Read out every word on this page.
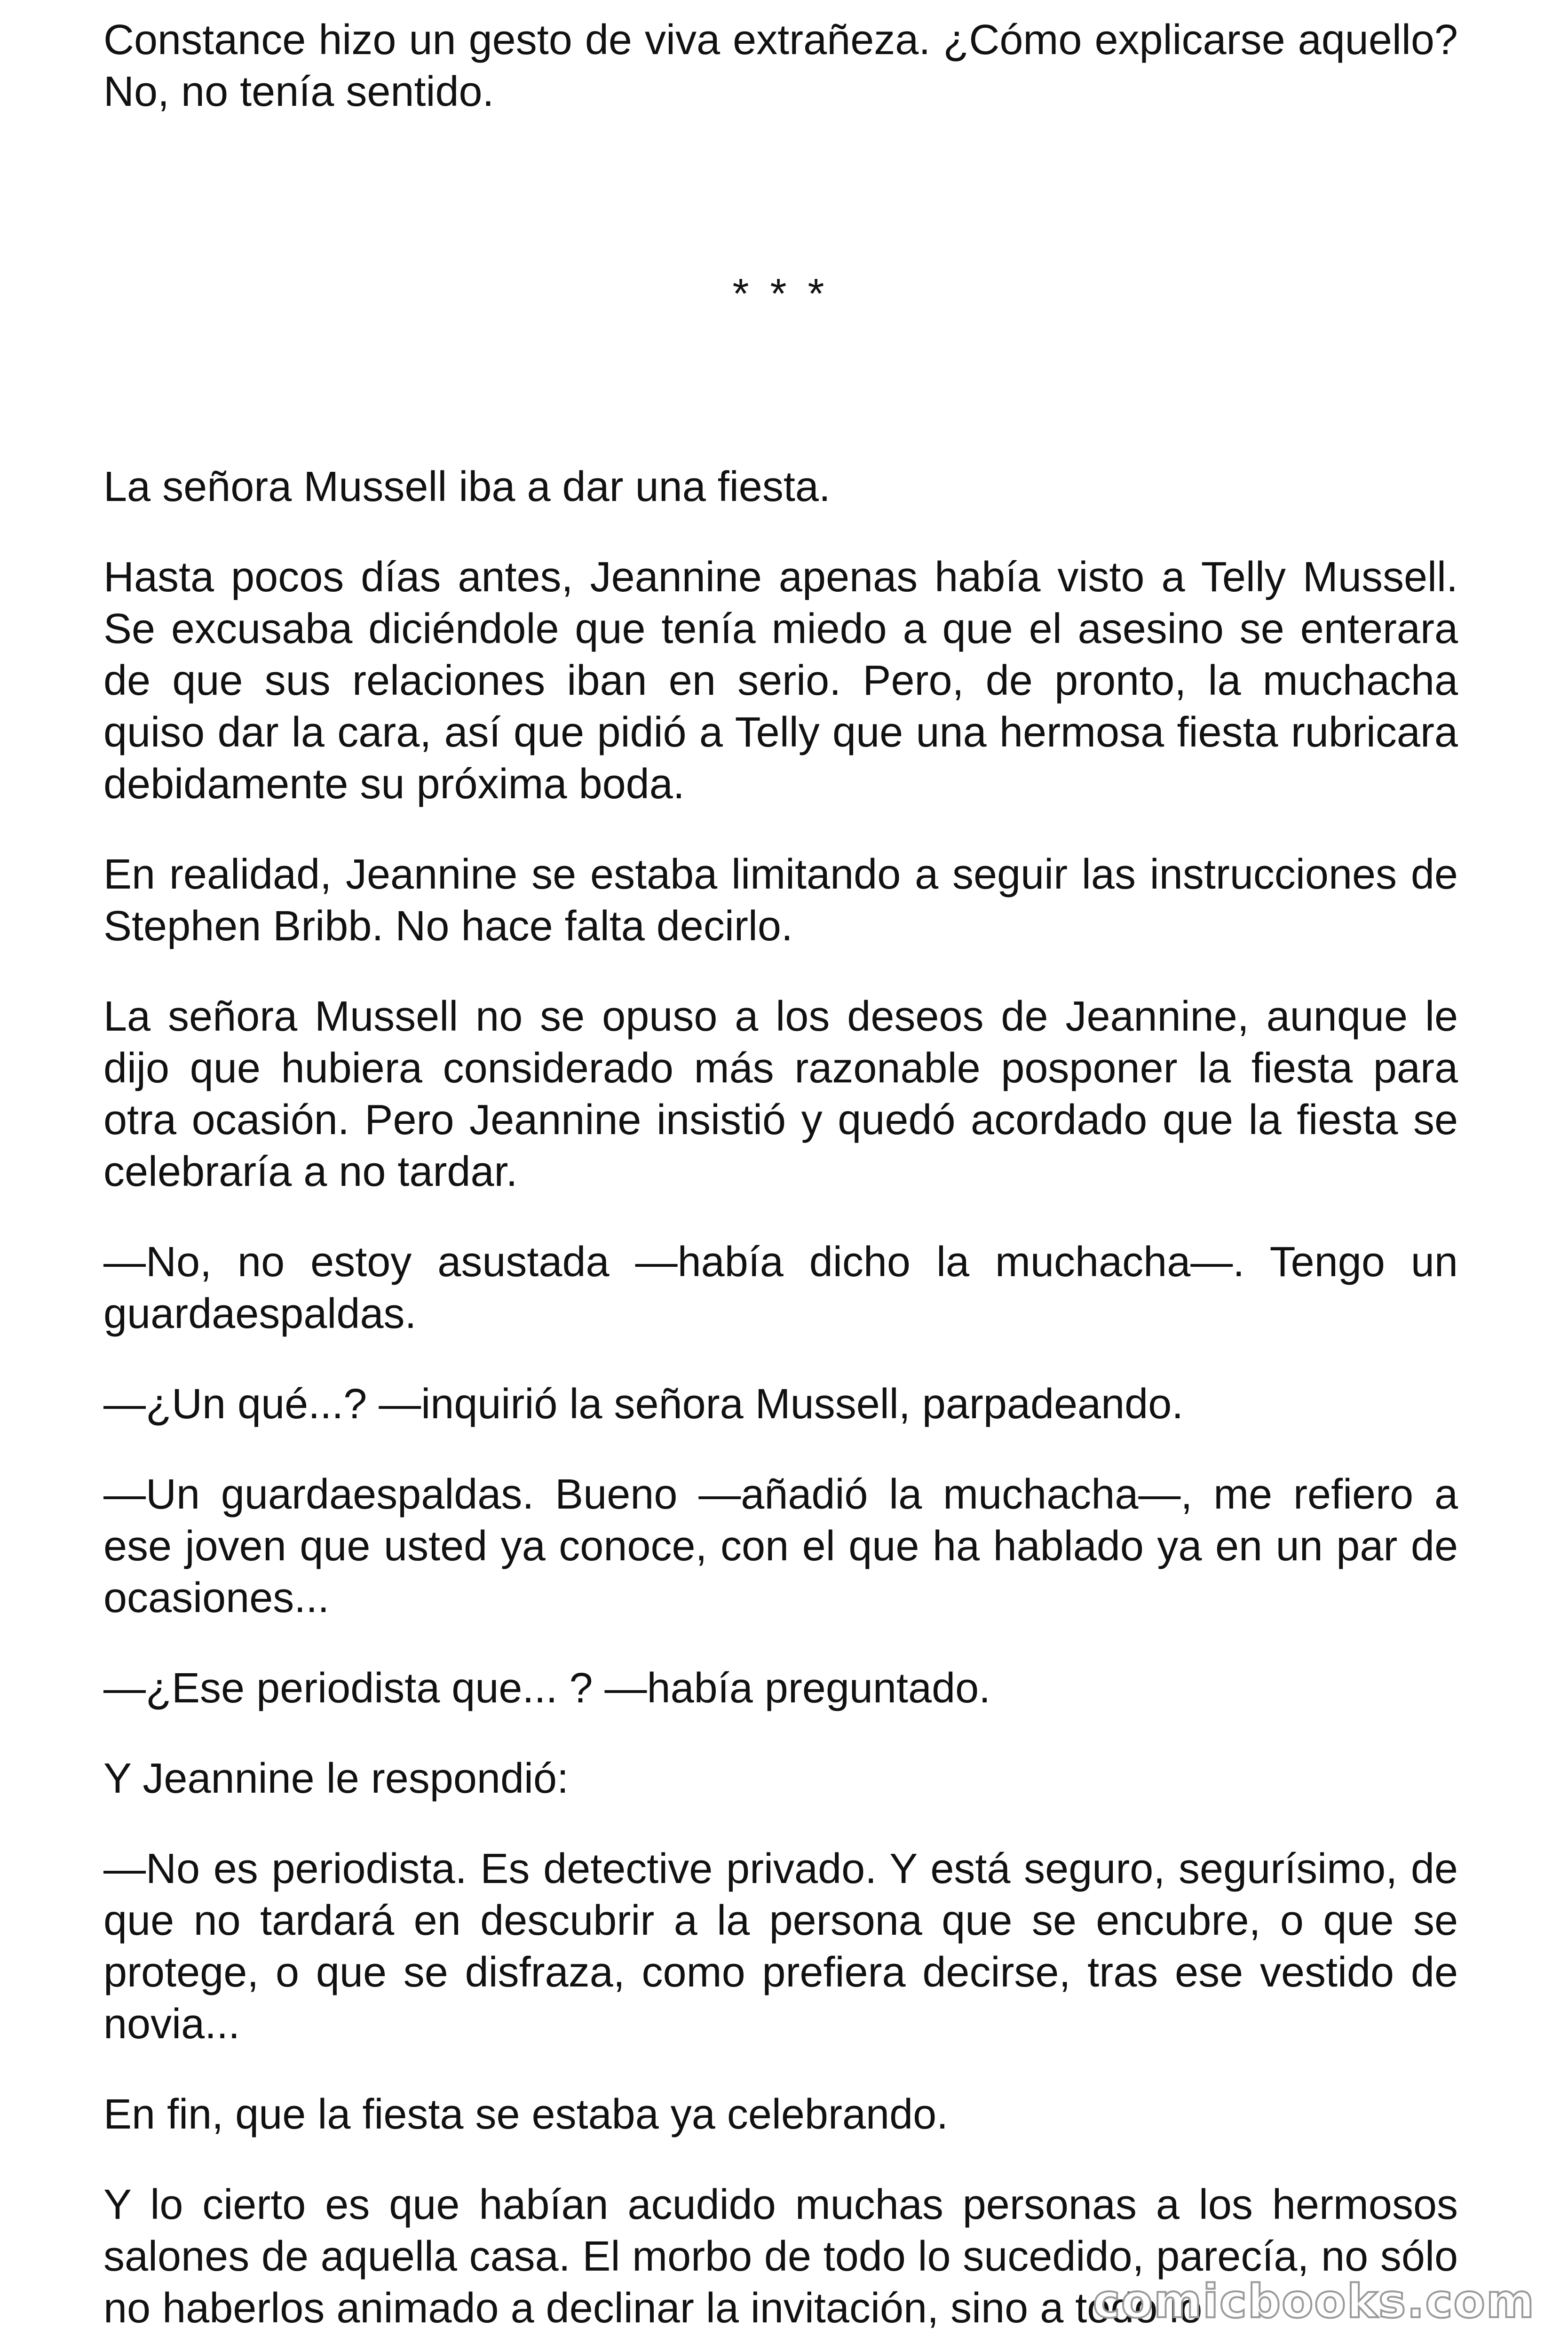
Constance hizo un gesto de viva extrañeza. ¿Cómo explicarse aquello? No, no tenía sentido.

* * *

La señora Mussell iba a dar una fiesta.

Hasta pocos días antes, Jeannine apenas había visto a Telly Mussell. Se excusaba diciéndole que tenía miedo a que el asesino se enterara de que sus relaciones iban en serio. Pero, de pronto, la muchacha quiso dar la cara, así que pidió a Telly que una hermosa fiesta rubricara debidamente su próxima boda.

En realidad, Jeannine se estaba limitando a seguir las instrucciones de Stephen Bribb. No hace falta decirlo.

La señora Mussell no se opuso a los deseos de Jeannine, aunque le dijo que hubiera considerado más razonable posponer la fiesta para otra ocasión. Pero Jeannine insistió y quedó acordado que la fiesta se celebraría a no tardar.

—No, no estoy asustada —había dicho la muchacha—. Tengo un guardaespaldas.

—¿Un qué...? —inquirió la señora Mussell, parpadeando.

—Un guardaespaldas. Bueno —añadió la muchacha—, me refiero a ese joven que usted ya conoce, con el que ha hablado ya en un par de ocasiones...

—¿Ese periodista que... ? —había preguntado.

Y Jeannine le respondió:

—No es periodista. Es detective privado. Y está seguro, segurísimo, de que no tardará en descubrir a la persona que se encubre, o que se protege, o que se disfraza, como prefiera decirse, tras ese vestido de novia...

En fin, que la fiesta se estaba ya celebrando.

Y lo cierto es que habían acudido muchas personas a los hermosos salones de aquella casa. El morbo de todo lo sucedido, parecía, no sólo no haberlos animado a declinar la invitación, sino a todo lo

comicbooks.com
